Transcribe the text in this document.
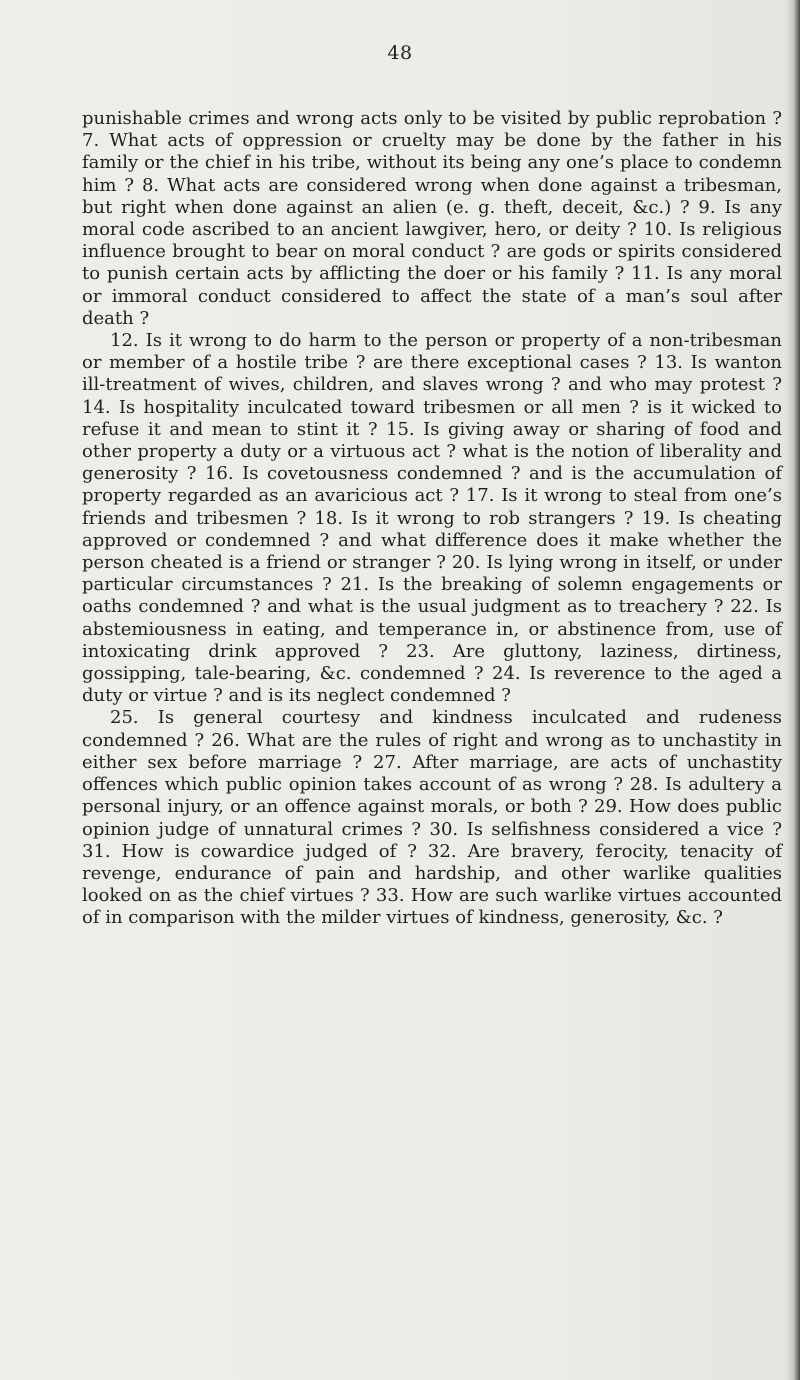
48

punishable crimes and wrong acts only to be visited by public reprobation ? 7. What acts of oppression or cruelty may be done by the father in his family or the chief in his tribe, without its being any one’s place to condemn him ? 8. What acts are considered wrong when done against a tribesman, but right when done against an alien (e. g. theft, deceit, &c.) ? 9. Is any moral code ascribed to an ancient lawgiver, hero, or deity ? 10. Is religious influence brought to bear on moral conduct ? are gods or spirits considered to punish certain acts by afflicting the doer or his family ? 11. Is any moral or immoral conduct considered to affect the state of a man’s soul after death ?

12. Is it wrong to do harm to the person or property of a non-tribesman or member of a hostile tribe ? are there exceptional cases ? 13. Is wanton ill-treatment of wives, children, and slaves wrong ? and who may protest ? 14. Is hospitality inculcated toward tribesmen or all men ? is it wicked to refuse it and mean to stint it ? 15. Is giving away or sharing of food and other property a duty or a virtuous act ? what is the notion of liberality and generosity ? 16. Is covetousness condemned ? and is the accumulation of property regarded as an avaricious act ? 17. Is it wrong to steal from one’s friends and tribesmen ? 18. Is it wrong to rob strangers ? 19. Is cheating approved or condemned ? and what difference does it make whether the person cheated is a friend or stranger ? 20. Is lying wrong in itself, or under particular circumstances ? 21. Is the breaking of solemn engagements or oaths condemned ? and what is the usual judgment as to treachery ? 22. Is abstemiousness in eating, and temperance in, or abstinence from, use of intoxicating drink approved ? 23. Are gluttony, laziness, dirtiness, gossipping, tale-bearing, &c. condemned ? 24. Is reverence to the aged a duty or virtue ? and is its neglect condemned ?

25. Is general courtesy and kindness inculcated and rudeness condemned ? 26. What are the rules of right and wrong as to unchastity in either sex before marriage ? 27. After marriage, are acts of unchastity offences which public opinion takes account of as wrong ? 28. Is adultery a personal injury, or an offence against morals, or both ? 29. How does public opinion judge of unnatural crimes ? 30. Is selfishness considered a vice ? 31. How is cowardice judged of ? 32. Are bravery, ferocity, tenacity of revenge, endurance of pain and hardship, and other warlike qualities looked on as the chief virtues ? 33. How are such warlike virtues accounted of in comparison with the milder virtues of kindness, generosity, &c. ?
